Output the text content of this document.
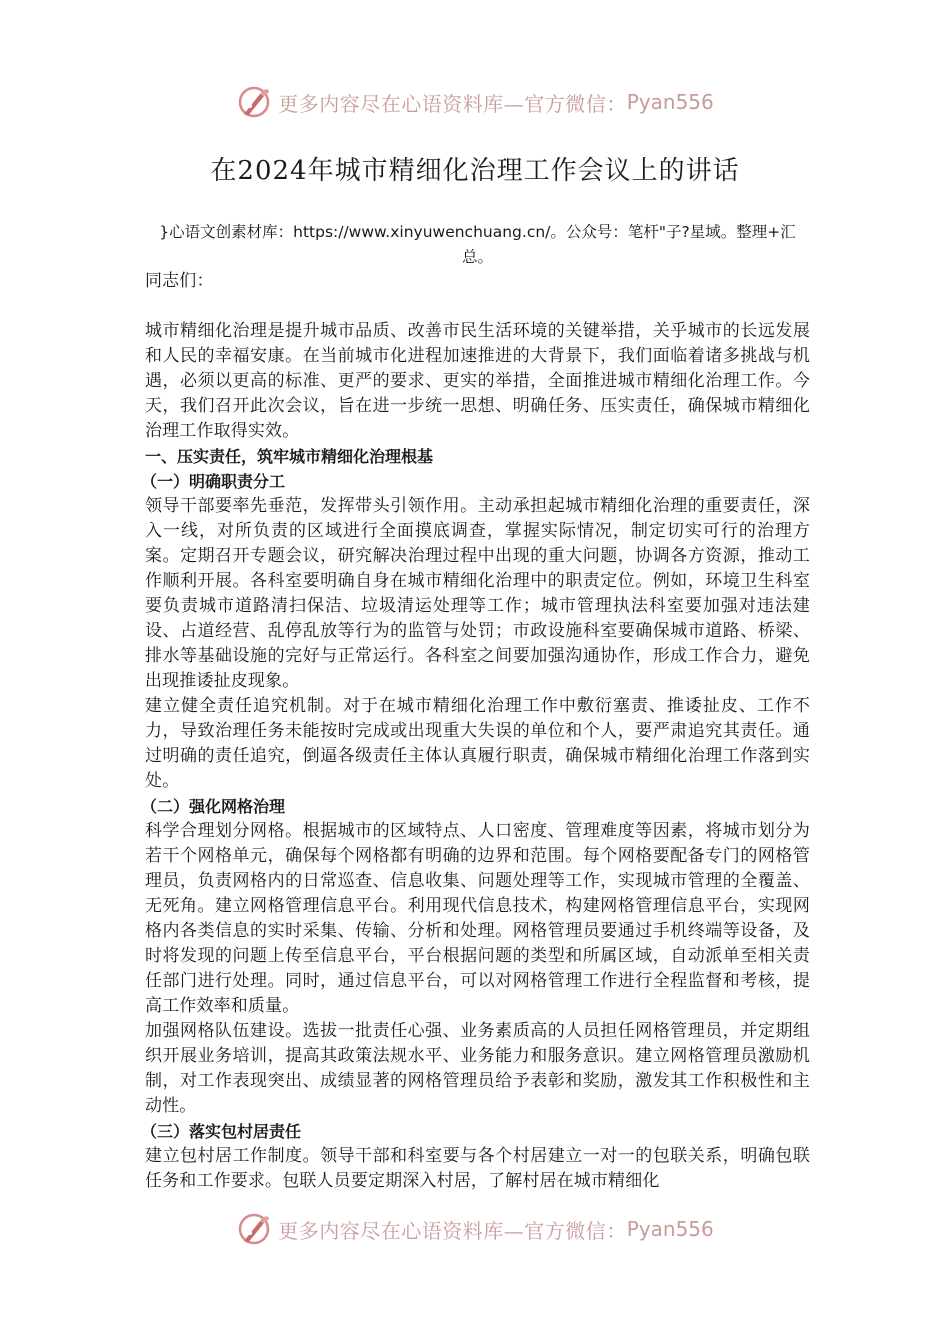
更多内容尽在心语资料库—官方微信： Pyan556
在2024年城市精细化治理工作会议上的讲话

}心语文创素材库：https://www.xinyuwenchuang.cn/。公众号：笔杆"子?星域。整理+汇总。

同志们：

城市精细化治理是提升城市品质、改善市民生活环境的关键举措，关乎城市的长远发展和人民的幸福安康。在当前城市化进程加速推进的大背景下，我们面临着诸多挑战与机遇，必须以更高的标准、更严的要求、更实的举措，全面推进城市精细化治理工作。今天，我们召开此次会议，旨在进一步统一思想、明确任务、压实责任，确保城市精细化治理工作取得实效。

一、压实责任，筑牢城市精细化治理根基
（一）明确职责分工

领导干部要率先垂范，发挥带头引领作用。主动承担起城市精细化治理的重要责任，深入一线，对所负责的区域进行全面摸底调查，掌握实际情况，制定切实可行的治理方案。定期召开专题会议，研究解决治理过程中出现的重大问题，协调各方资源，推动工作顺利开展。各科室要明确自身在城市精细化治理中的职责定位。例如，环境卫生科室要负责城市道路清扫保洁、垃圾清运处理等工作；城市管理执法科室要加强对违法建设、占道经营、乱停乱放等行为的监管与处罚；市政设施科室要确保城市道路、桥梁、排水等基础设施的完好与正常运行。各科室之间要加强沟通协作，形成工作合力，避免出现推诿扯皮现象。

建立健全责任追究机制。对于在城市精细化治理工作中敷衍塞责、推诿扯皮、工作不力，导致治理任务未能按时完成或出现重大失误的单位和个人，要严肃追究其责任。通过明确的责任追究，倒逼各级责任主体认真履行职责，确保城市精细化治理工作落到实处。

（二）强化网格治理

科学合理划分网格。根据城市的区域特点、人口密度、管理难度等因素，将城市划分为若干个网格单元，确保每个网格都有明确的边界和范围。每个网格要配备专门的网格管理员，负责网格内的日常巡查、信息收集、问题处理等工作，实现城市管理的全覆盖、无死角。建立网格管理信息平台。利用现代信息技术，构建网格管理信息平台，实现网格内各类信息的实时采集、传输、分析和处理。网格管理员要通过手机终端等设备，及时将发现的问题上传至信息平台，平台根据问题的类型和所属区域，自动派单至相关责任部门进行处理。同时，通过信息平台，可以对网格管理工作进行全程监督和考核，提高工作效率和质量。

加强网格队伍建设。选拔一批责任心强、业务素质高的人员担任网格管理员，并定期组织开展业务培训，提高其政策法规水平、业务能力和服务意识。建立网格管理员激励机制，对工作表现突出、成绩显著的网格管理员给予表彰和奖励，激发其工作积极性和主动性。

（三）落实包村居责任

建立包村居工作制度。领导干部和科室要与各个村居建立一对一的包联关系，明确包联任务和工作要求。包联人员要定期深入村居，了解村居在城市精细化

更多内容尽在心语资料库—官方微信： Pyan556
